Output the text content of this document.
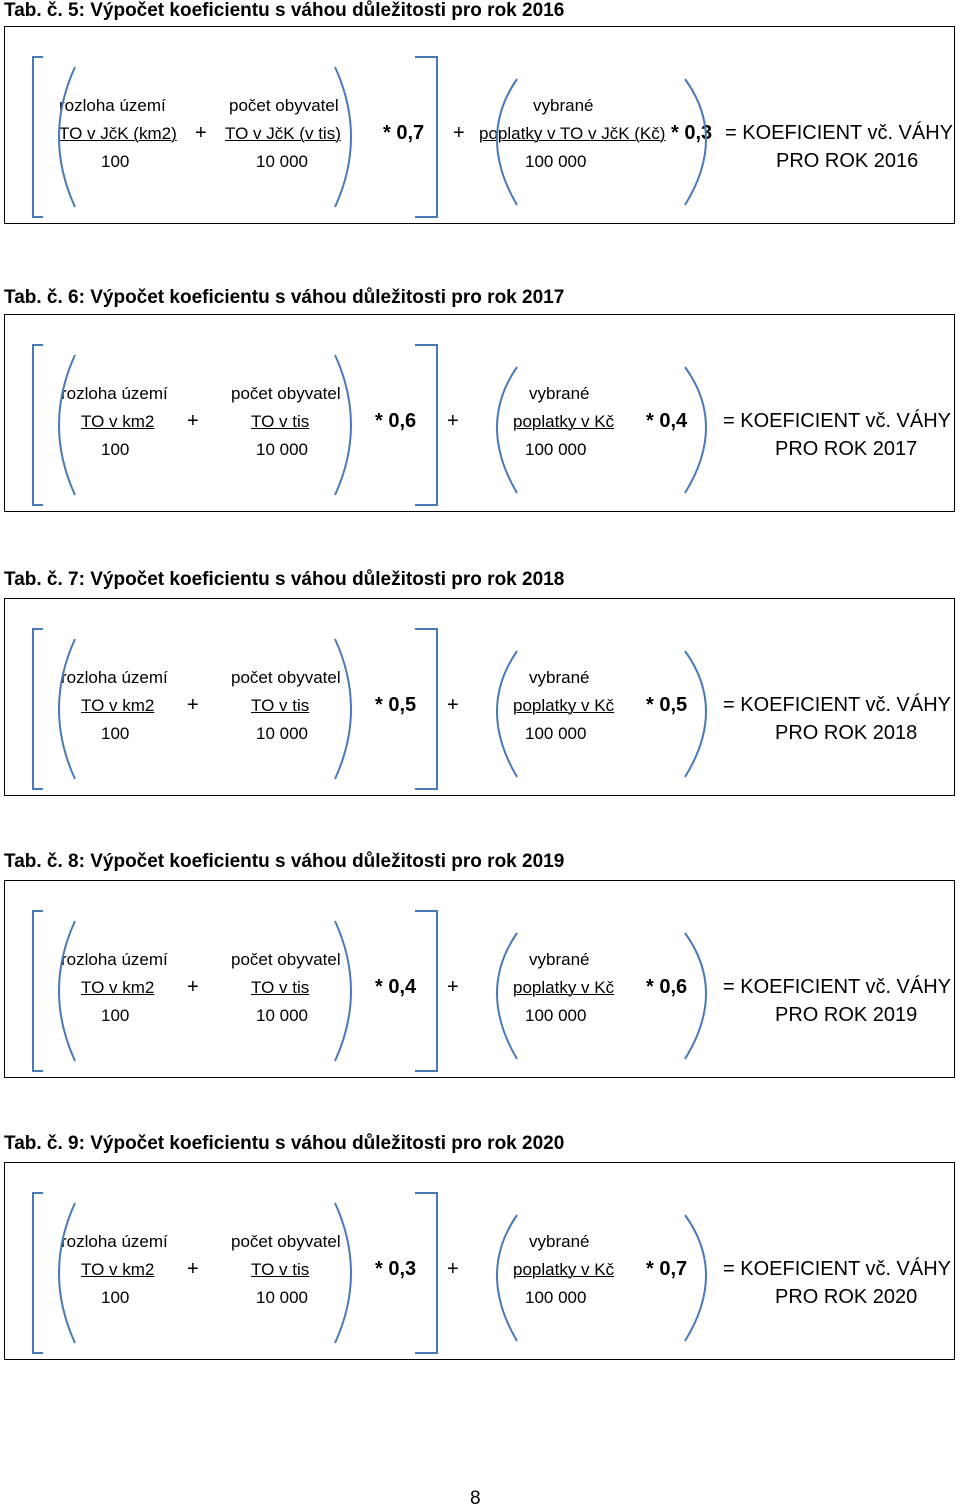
Tab. č. 5: Výpočet koeficientu s váhou důležitosti pro rok 2016
rozloha území
TO v JčK (km2)
100
+
počet obyvatel
TO v JčK (v tis)
10 000
* 0,7 +
vybrané
poplatky v TO v JčK (Kč)
100 000
* 0,3 = KOEFICIENT vč. VÁHY
PRO ROK 2016
Tab. č. 6: Výpočet koeficientu s váhou důležitosti pro rok 2017
rozloha území
TO v km2
100
+
počet obyvatel
TO v tis
10 000
* 0,6 +
vybrané
poplatky v Kč
100 000
* 0,4 = KOEFICIENT vč. VÁHY
PRO ROK 2017
Tab. č. 7: Výpočet koeficientu s váhou důležitosti pro rok 2018
rozloha území
TO v km2
100
+
počet obyvatel
TO v tis
10 000
* 0,5 +
vybrané
poplatky v Kč
100 000
* 0,5 = KOEFICIENT vč. VÁHY
PRO ROK 2018
Tab. č. 8: Výpočet koeficientu s váhou důležitosti pro rok 2019
rozloha území
TO v km2
100
+
počet obyvatel
TO v tis
10 000
* 0,4 +
vybrané
poplatky v Kč
100 000
* 0,6 = KOEFICIENT vč. VÁHY
PRO ROK 2019
Tab. č. 9: Výpočet koeficientu s váhou důležitosti pro rok 2020
rozloha území
TO v km2
100
+
počet obyvatel
TO v tis
10 000
* 0,3 +
vybrané
poplatky v Kč
100 000
* 0,7 = KOEFICIENT vč. VÁHY
PRO ROK 2020
8
